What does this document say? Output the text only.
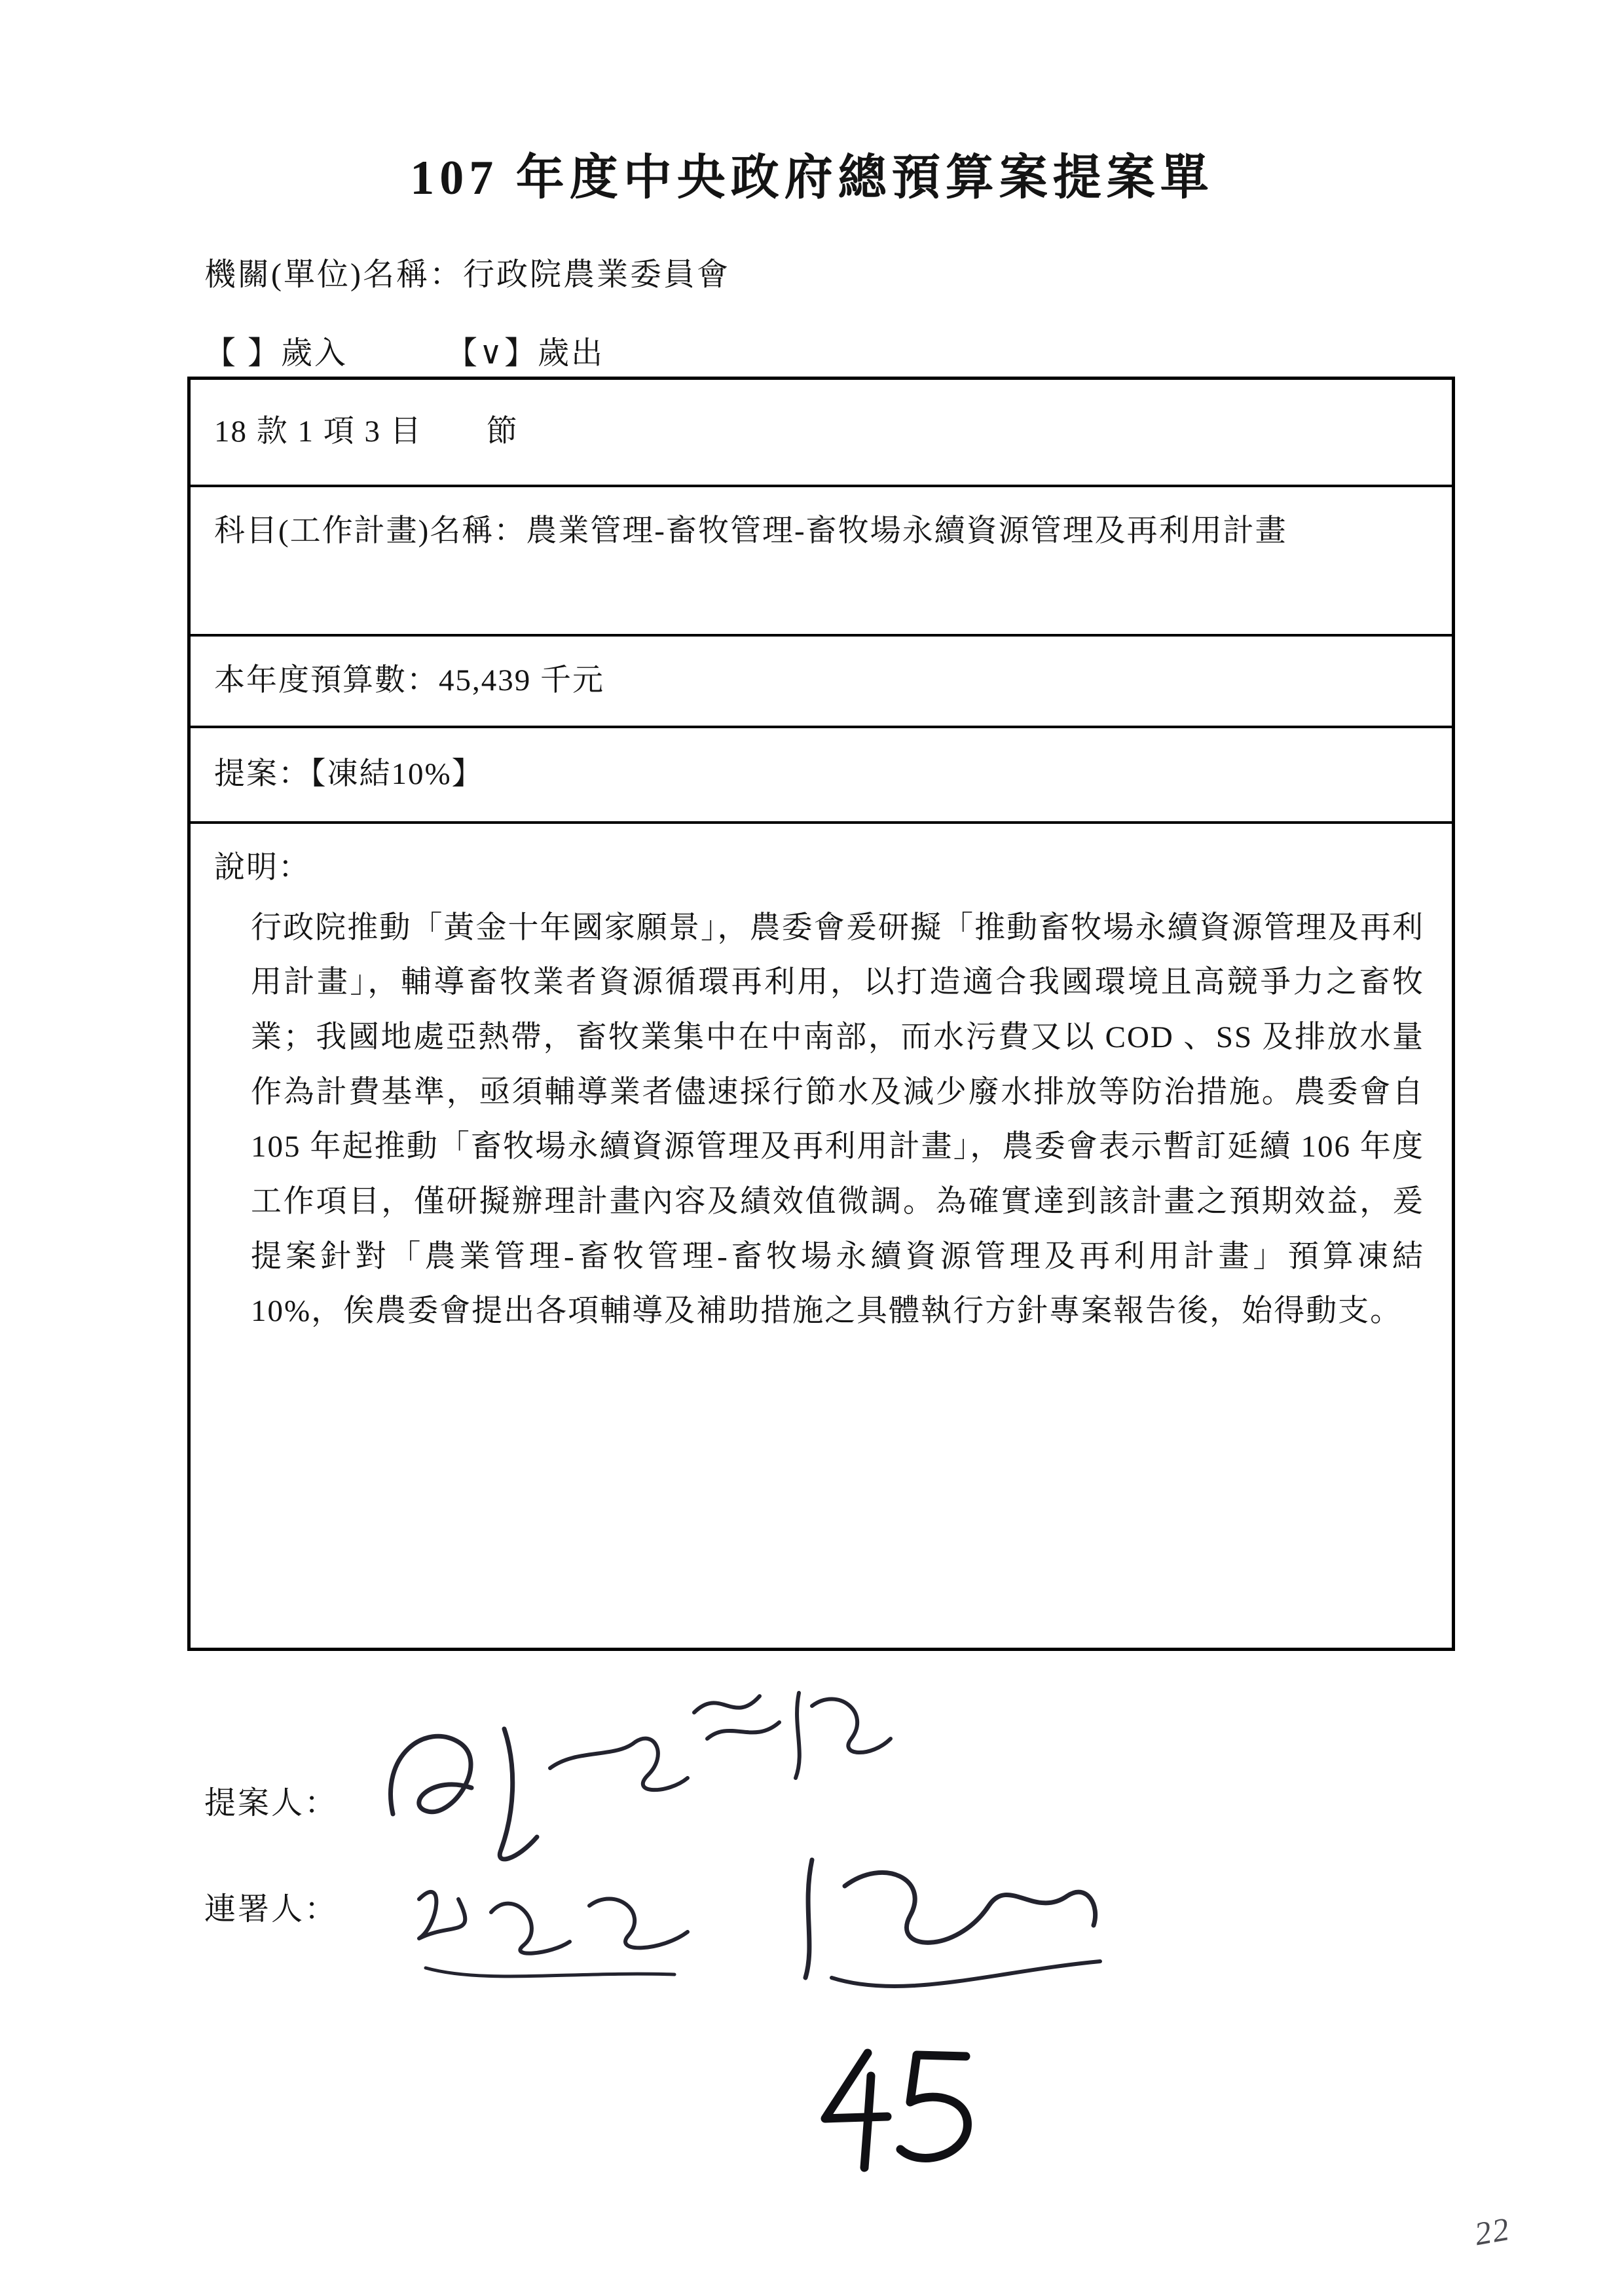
107 年度中央政府總預算案提案單
機關(單位)名稱：行政院農業委員會
【 】歲入	【∨】歲出
18 款 1 項 3 目　　節
科目(工作計畫)名稱：農業管理-畜牧管理-畜牧場永續資源管理及再利用計畫
本年度預算數：45,439 千元
提案：【凍結10%】
說明：
行政院推動「黃金十年國家願景」，農委會爰研擬「推動畜牧場永續資源管理及再利用計畫」，輔導畜牧業者資源循環再利用，以打造適合我國環境且高競爭力之畜牧業；我國地處亞熱帶，畜牧業集中在中南部，而水污費又以 COD 、SS 及排放水量作為計費基準，亟須輔導業者儘速採行節水及減少廢水排放等防治措施。農委會自 105 年起推動「畜牧場永續資源管理及再利用計畫」，農委會表示暫訂延續 106 年度工作項目，僅研擬辦理計畫內容及績效值微調。為確實達到該計畫之預期效益，爰提案針對「農業管理-畜牧管理-畜牧場永續資源管理及再利用計畫」預算凍結 10%，俟農委會提出各項輔導及補助措施之具體執行方針專案報告後，始得動支。
提案人：
連署人：
22
